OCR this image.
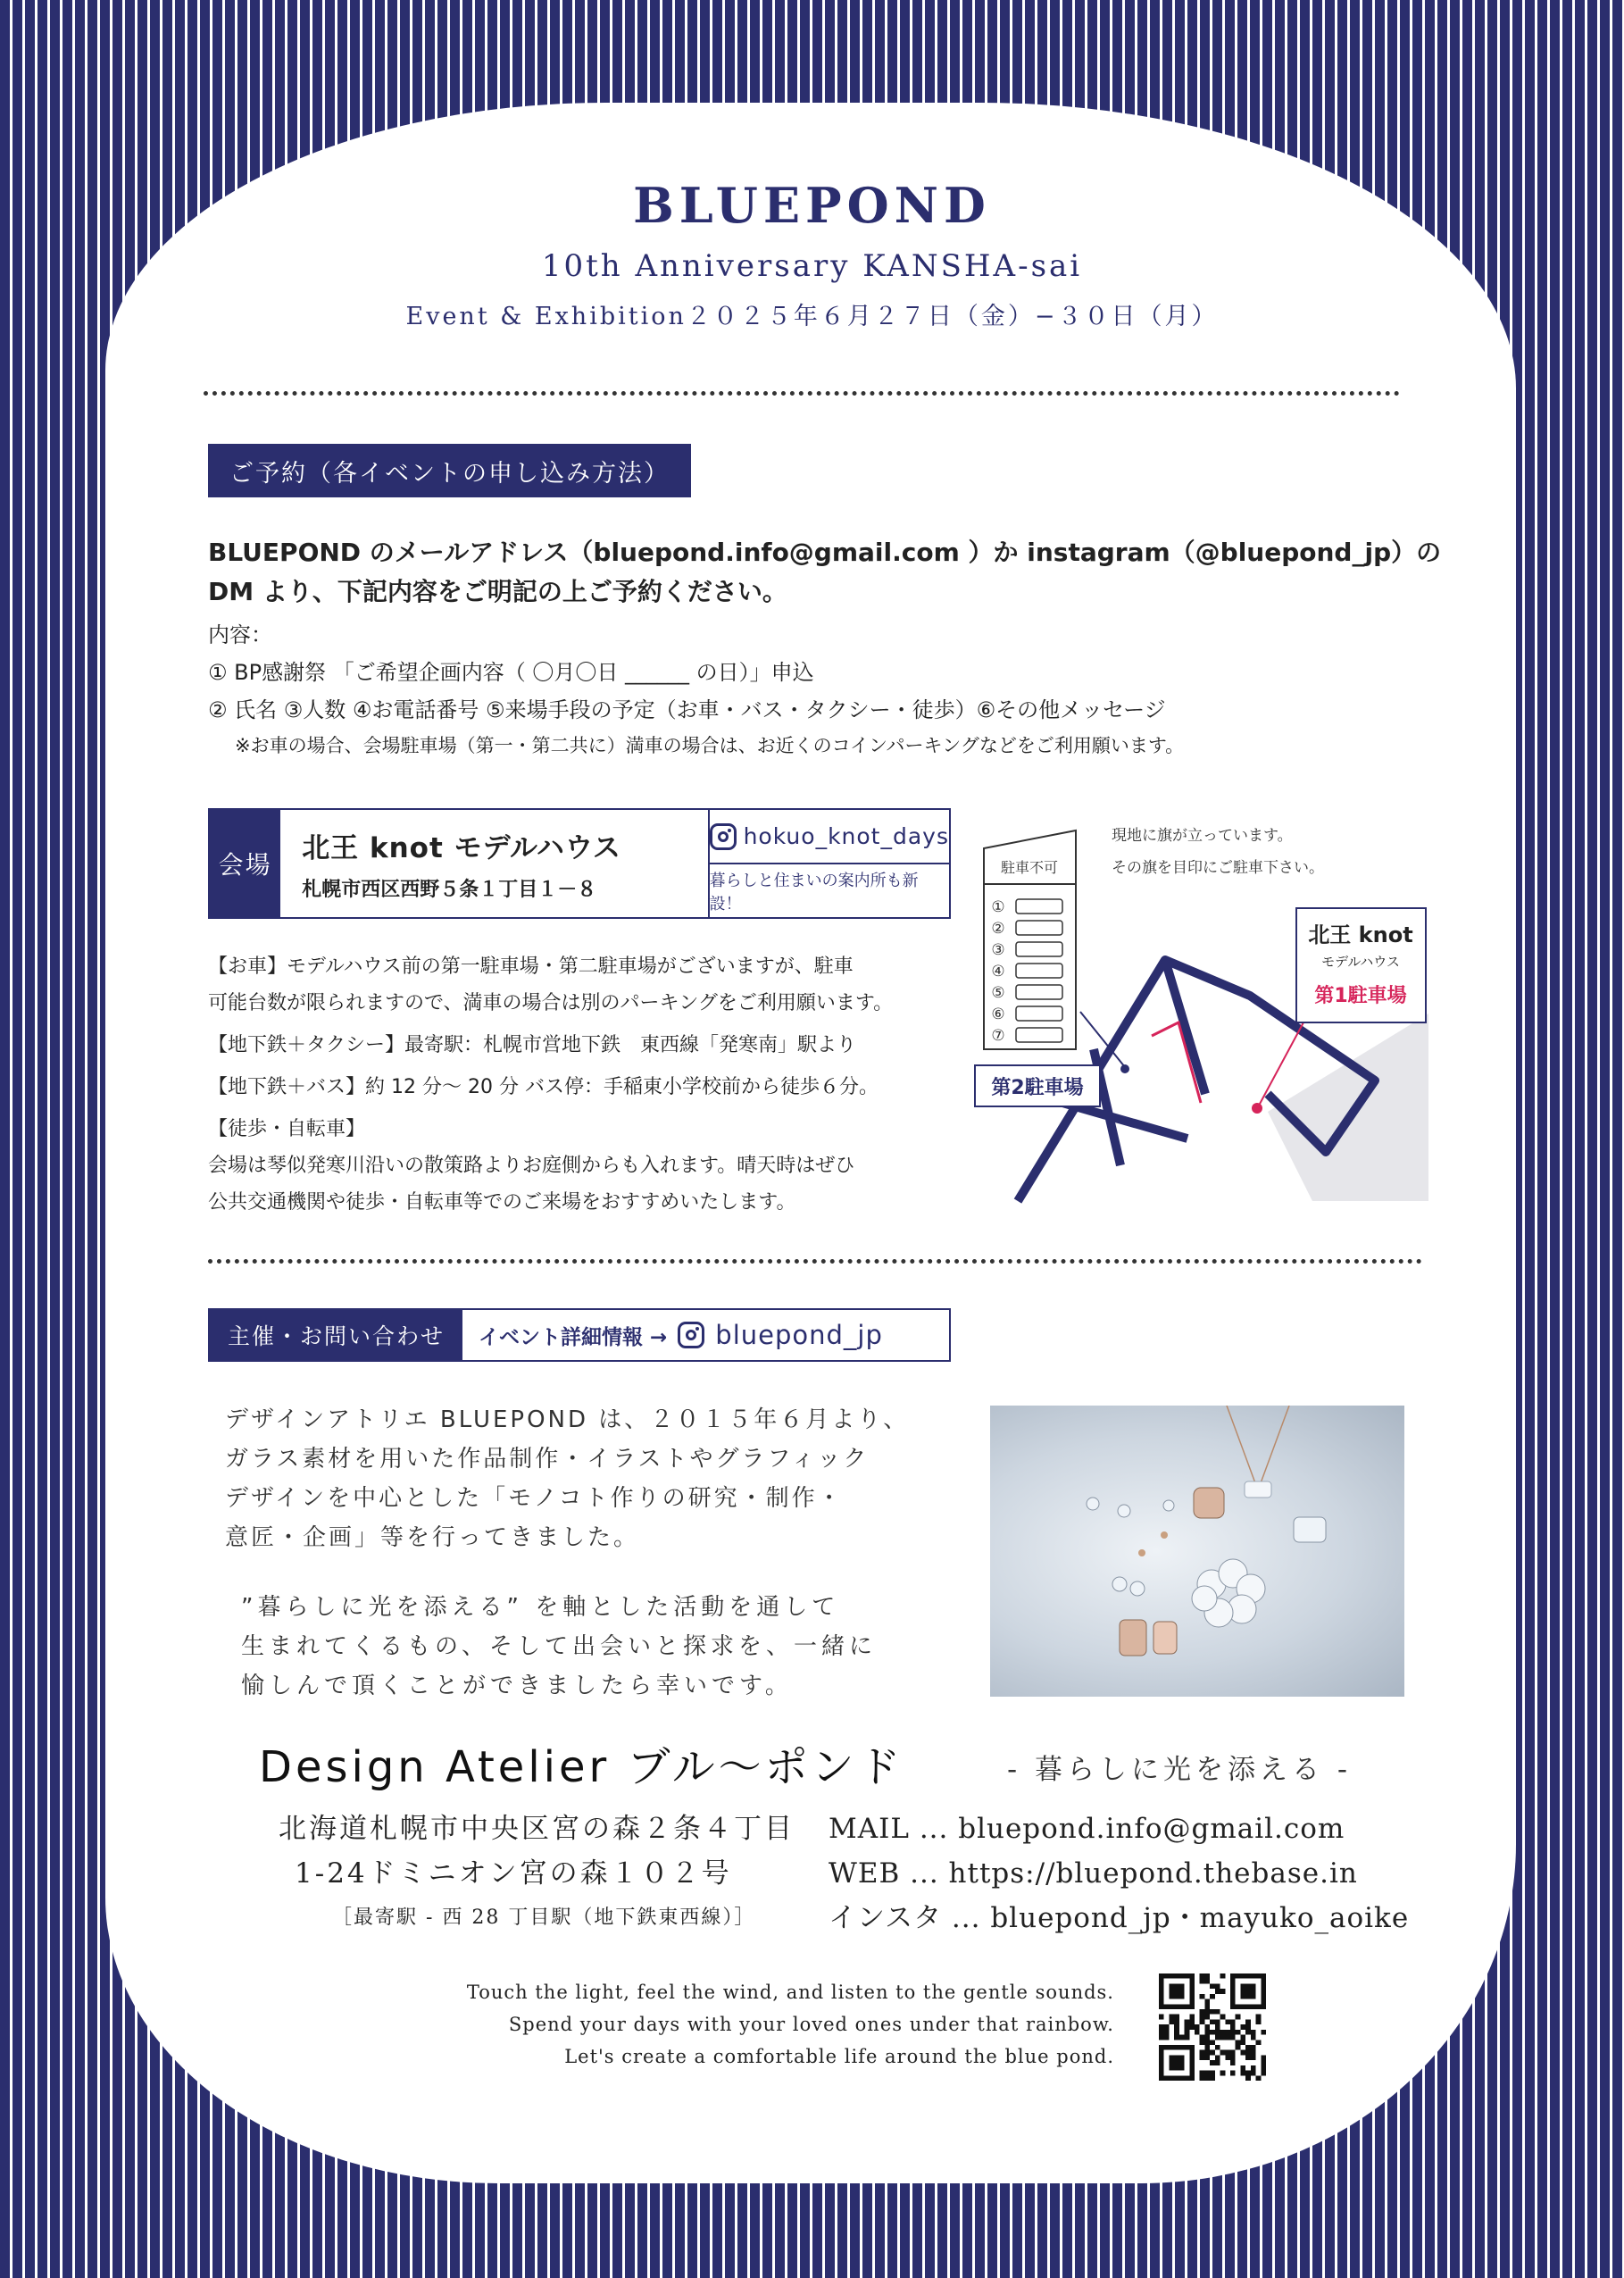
BLUEPOND
10th Anniversary KANSHA-sai
Event & Exhibition２０２５年６月２７日（金）−３０日（月）
ご予約（各イベントの申し込み方法）
BLUEPOND のメールアドレス（bluepond.info@gmail.com ）か instagram（@bluepond_jp）の
DM より、下記内容をご明記の上ご予約ください。
内容：
① BP感謝祭 「ご希望企画内容（ 〇月〇日 ______ の日）」申込
② 氏名 ③人数 ④お電話番号 ⑤来場手段の予定（お車・バス・タクシー・徒歩）⑥その他メッセージ
※お車の場合、会場駐車場（第一・第二共に）満車の場合は、お近くのコインパーキングなどをご利用願います。
会場
北王 knot モデルハウス
札幌市西区西野５条１丁目１－８
hokuo_knot_days
暮らしと住まいの案内所も新設！
【お車】モデルハウス前の第一駐車場・第二駐車場がございますが、駐車
可能台数が限られますので、満車の場合は別のパーキングをご利用願います。
【地下鉄＋タクシー】最寄駅：札幌市営地下鉄　東西線「発寒南」駅より
【地下鉄＋バス】約 12 分〜 20 分 バス停：手稲東小学校前から徒歩６分。
【徒歩・自転車】
会場は琴似発寒川沿いの散策路よりお庭側からも入れます。晴天時はぜひ
公共交通機関や徒歩・自転車等でのご来場をおすすめいたします。
駐車不可
①
②
③
④
⑤
⑥
⑦
第2駐車場
北王 knot
モデルハウス
第1駐車場
現地に旗が立っています。
その旗を目印にご駐車下さい。
主催・お問い合わせ	イベント詳細情報 → bluepond_jp
デザインアトリエ BLUEPOND は、２０１５年６月より、
ガラス素材を用いた作品制作・イラストやグラフィック
デザインを中心とした「モノコト作りの研究・制作・
意匠・企画」等を行ってきました。
”暮らしに光を添える” を軸とした活動を通して
生まれてくるもの、そして出会いと探求を、一緒に
愉しんで頂くことができましたら幸いです。
Design Atelier ブル～ポンド	- 暮らしに光を添える -
北海道札幌市中央区宮の森２条４丁目
1-24ドミニオン宮の森１０２号
［最寄駅 - 西 28 丁目駅（地下鉄東西線）］
MAIL ... bluepond.info@gmail.com
WEB ... https://bluepond.thebase.in
インスタ ... bluepond_jp・mayuko_aoike
Touch the light, feel the wind, and listen to the gentle sounds.
Spend your days with your loved ones under that rainbow.
Let's create a comfortable life around the blue pond.
